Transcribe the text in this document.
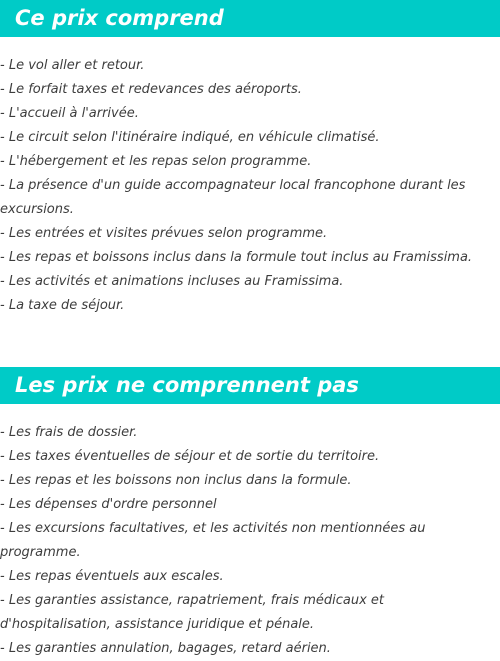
Ce prix comprend
- Le vol aller et retour.
- Le forfait taxes et redevances des aéroports.
- L'accueil à l'arrivée.
- Le circuit selon l'itinéraire indiqué, en véhicule climatisé.
- L'hébergement et les repas selon programme.
- La présence d'un guide accompagnateur local francophone durant les excursions.
- Les entrées et visites prévues selon programme.
- Les repas et boissons inclus dans la formule tout inclus au Framissima.
- Les activités et animations incluses au Framissima.
- La taxe de séjour.
Les prix ne comprennent pas
- Les frais de dossier.
- Les taxes éventuelles de séjour et de sortie du territoire.
- Les repas et les boissons non inclus dans la formule.
- Les dépenses d'ordre personnel
- Les excursions facultatives, et les activités non mentionnées au programme.
- Les repas éventuels aux escales.
- Les garanties assistance, rapatriement, frais médicaux et d'hospitalisation, assistance juridique et pénale.
- Les garanties annulation, bagages, retard aérien.
